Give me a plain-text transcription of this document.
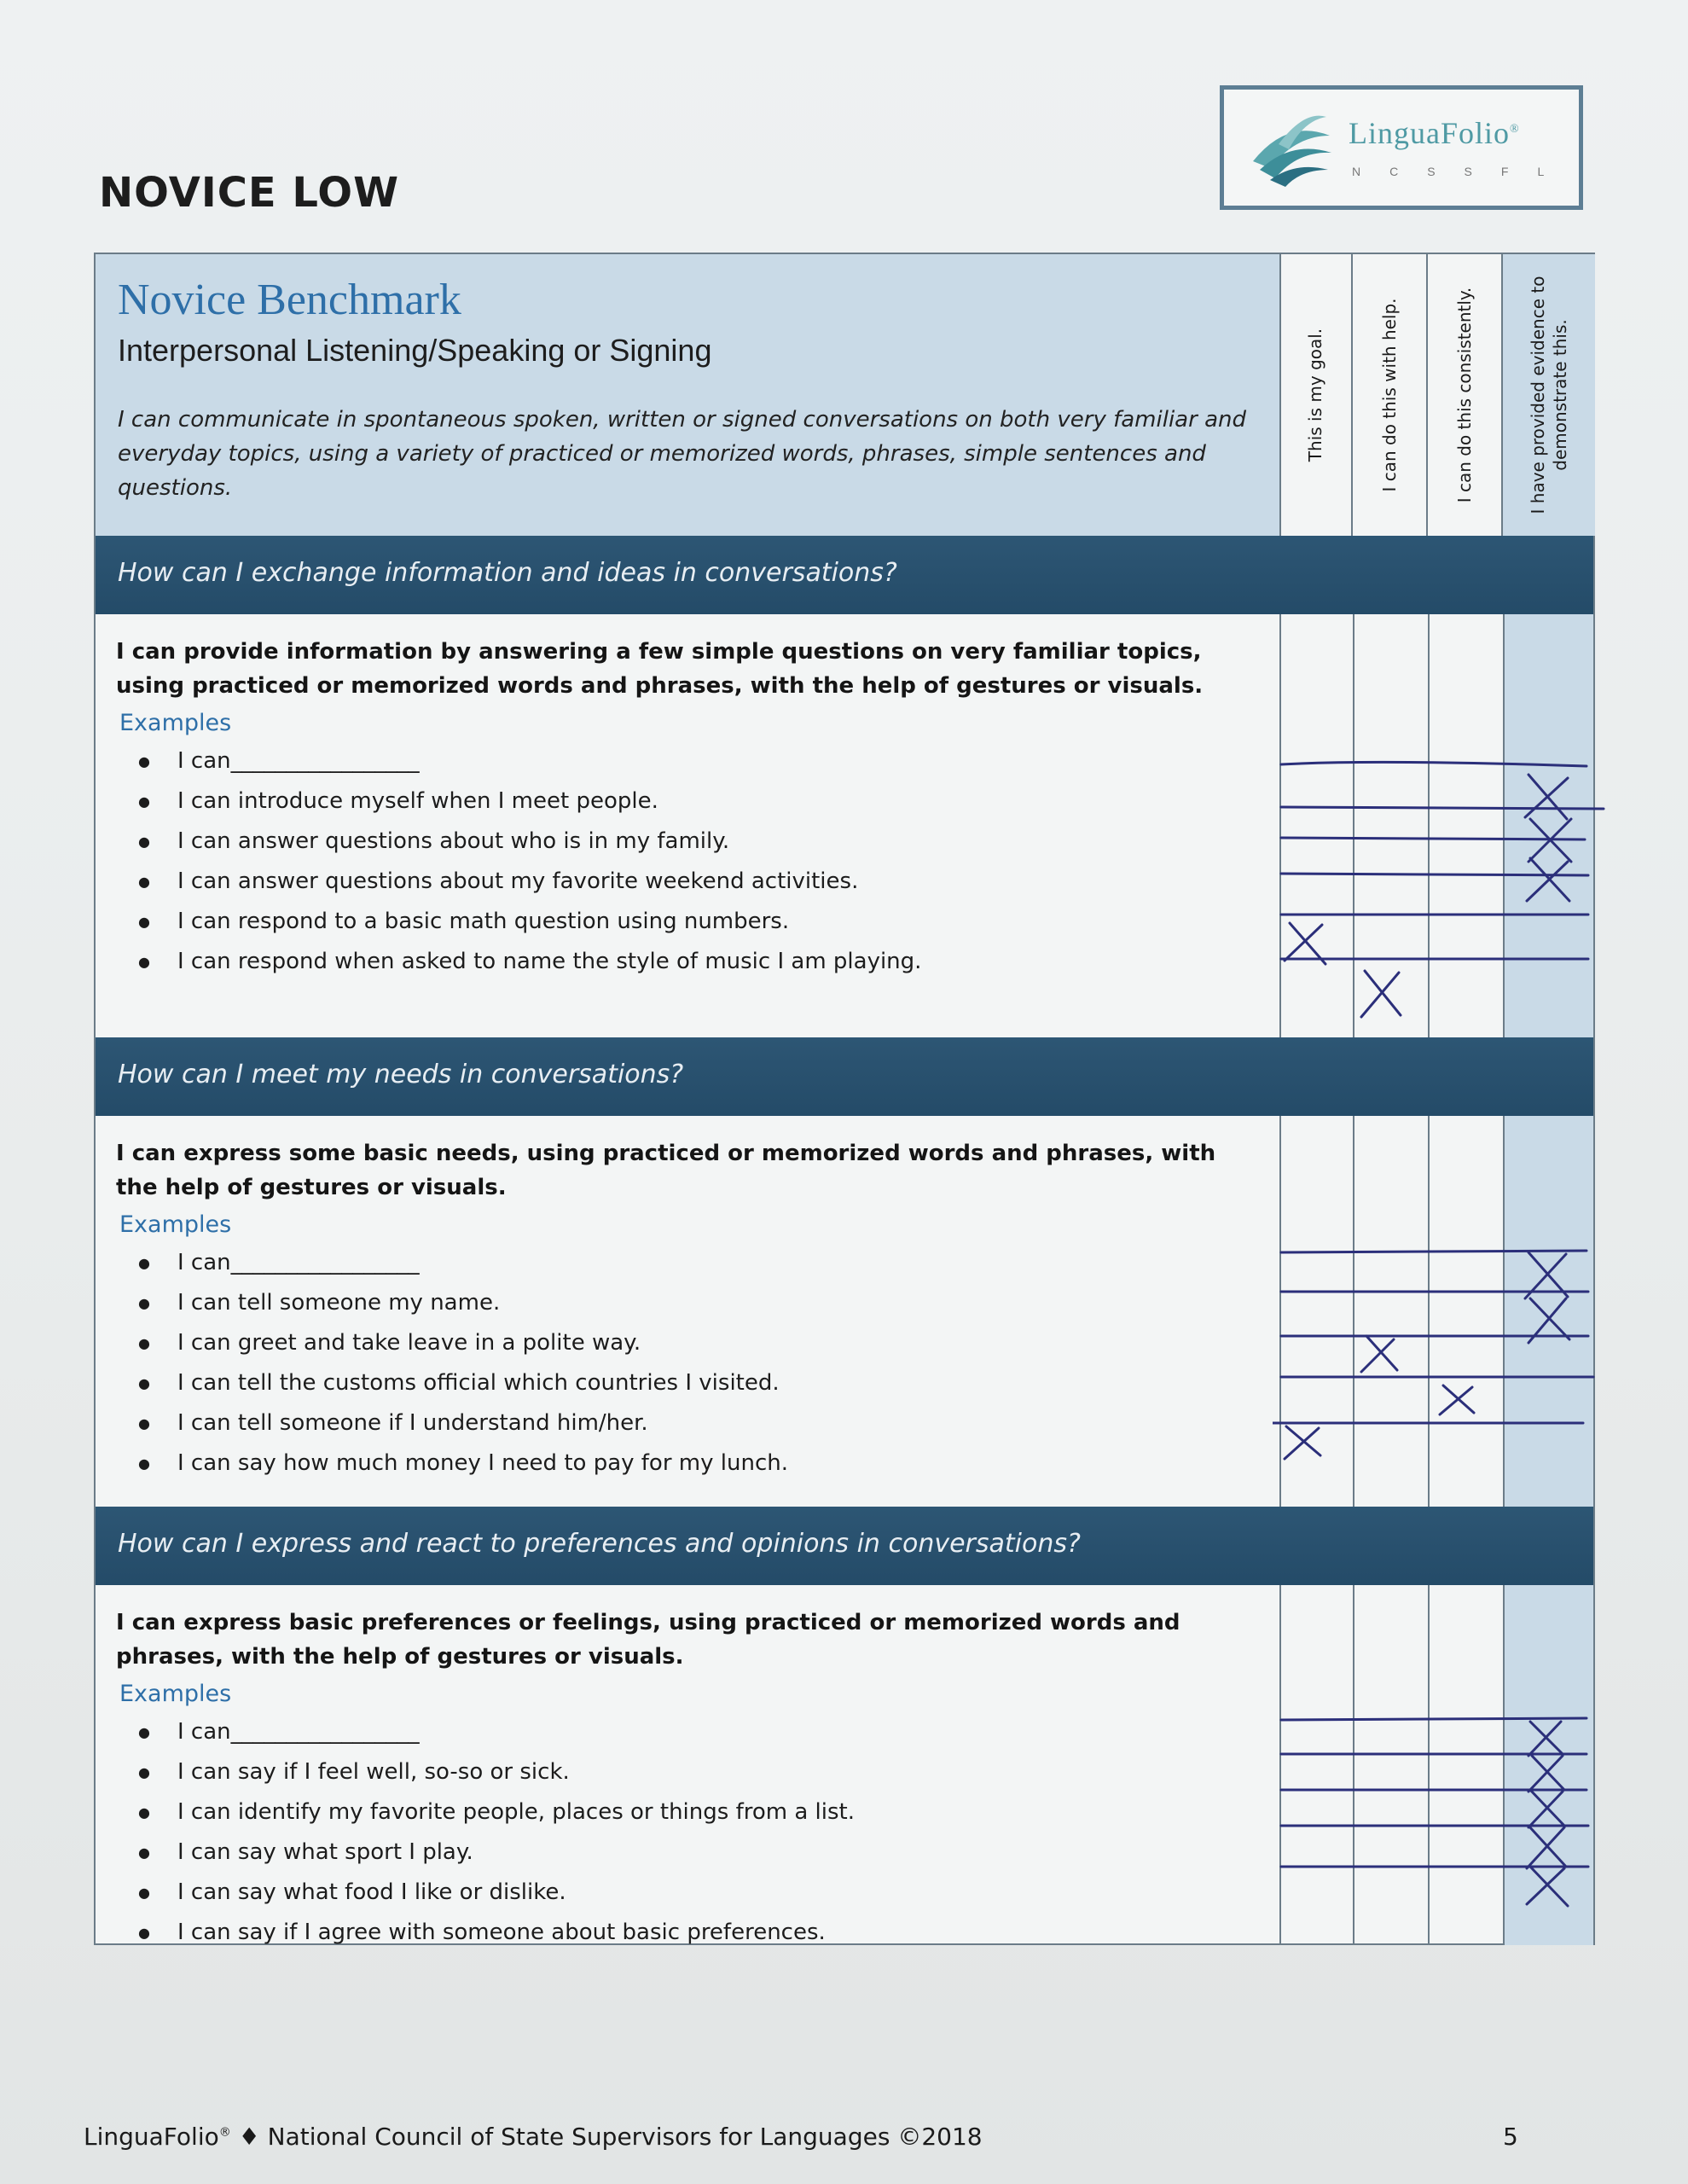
NOVICE LOW
LinguaFolio®
NCSSFL
Novice Benchmark
Interpersonal Listening/Speaking or Signing
I can communicate in spontaneous spoken, written or signed conversations on both very familiar and everyday topics, using a variety of practiced or memorized words, phrases, simple sentences and questions.
This is my goal.	I can do this with help.	I can do this consistently.	I have provided evidence to demonstrate this.
How can I exchange information and ideas in conversations?

I can provide information by answering a few simple questions on very familiar topics, using practiced or memorized words and phrases, with the help of gestures or visuals.

Examples
● I can_________________
● I can introduce myself when I meet people.
● I can answer questions about who is in my family.
● I can answer questions about my favorite weekend activities.
● I can respond to a basic math question using numbers.
● I can respond when asked to name the style of music I am playing.
How can I meet my needs in conversations?

I can express some basic needs, using practiced or memorized words and phrases, with the help of gestures or visuals.

Examples
● I can_________________
● I can tell someone my name.
● I can greet and take leave in a polite way.
● I can tell the customs official which countries I visited.
● I can tell someone if I understand him/her.
● I can say how much money I need to pay for my lunch.
How can I express and react to preferences and opinions in conversations?

I can express basic preferences or feelings, using practiced or memorized words and phrases, with the help of gestures or visuals.

Examples
● I can_________________
● I can say if I feel well, so-so or sick.
● I can identify my favorite people, places or things from a list.
● I can say what sport I play.
● I can say what food I like or dislike.
● I can say if I agree with someone about basic preferences.
LinguaFolio® ♦ National Council of State Supervisors for Languages ©2018	5
